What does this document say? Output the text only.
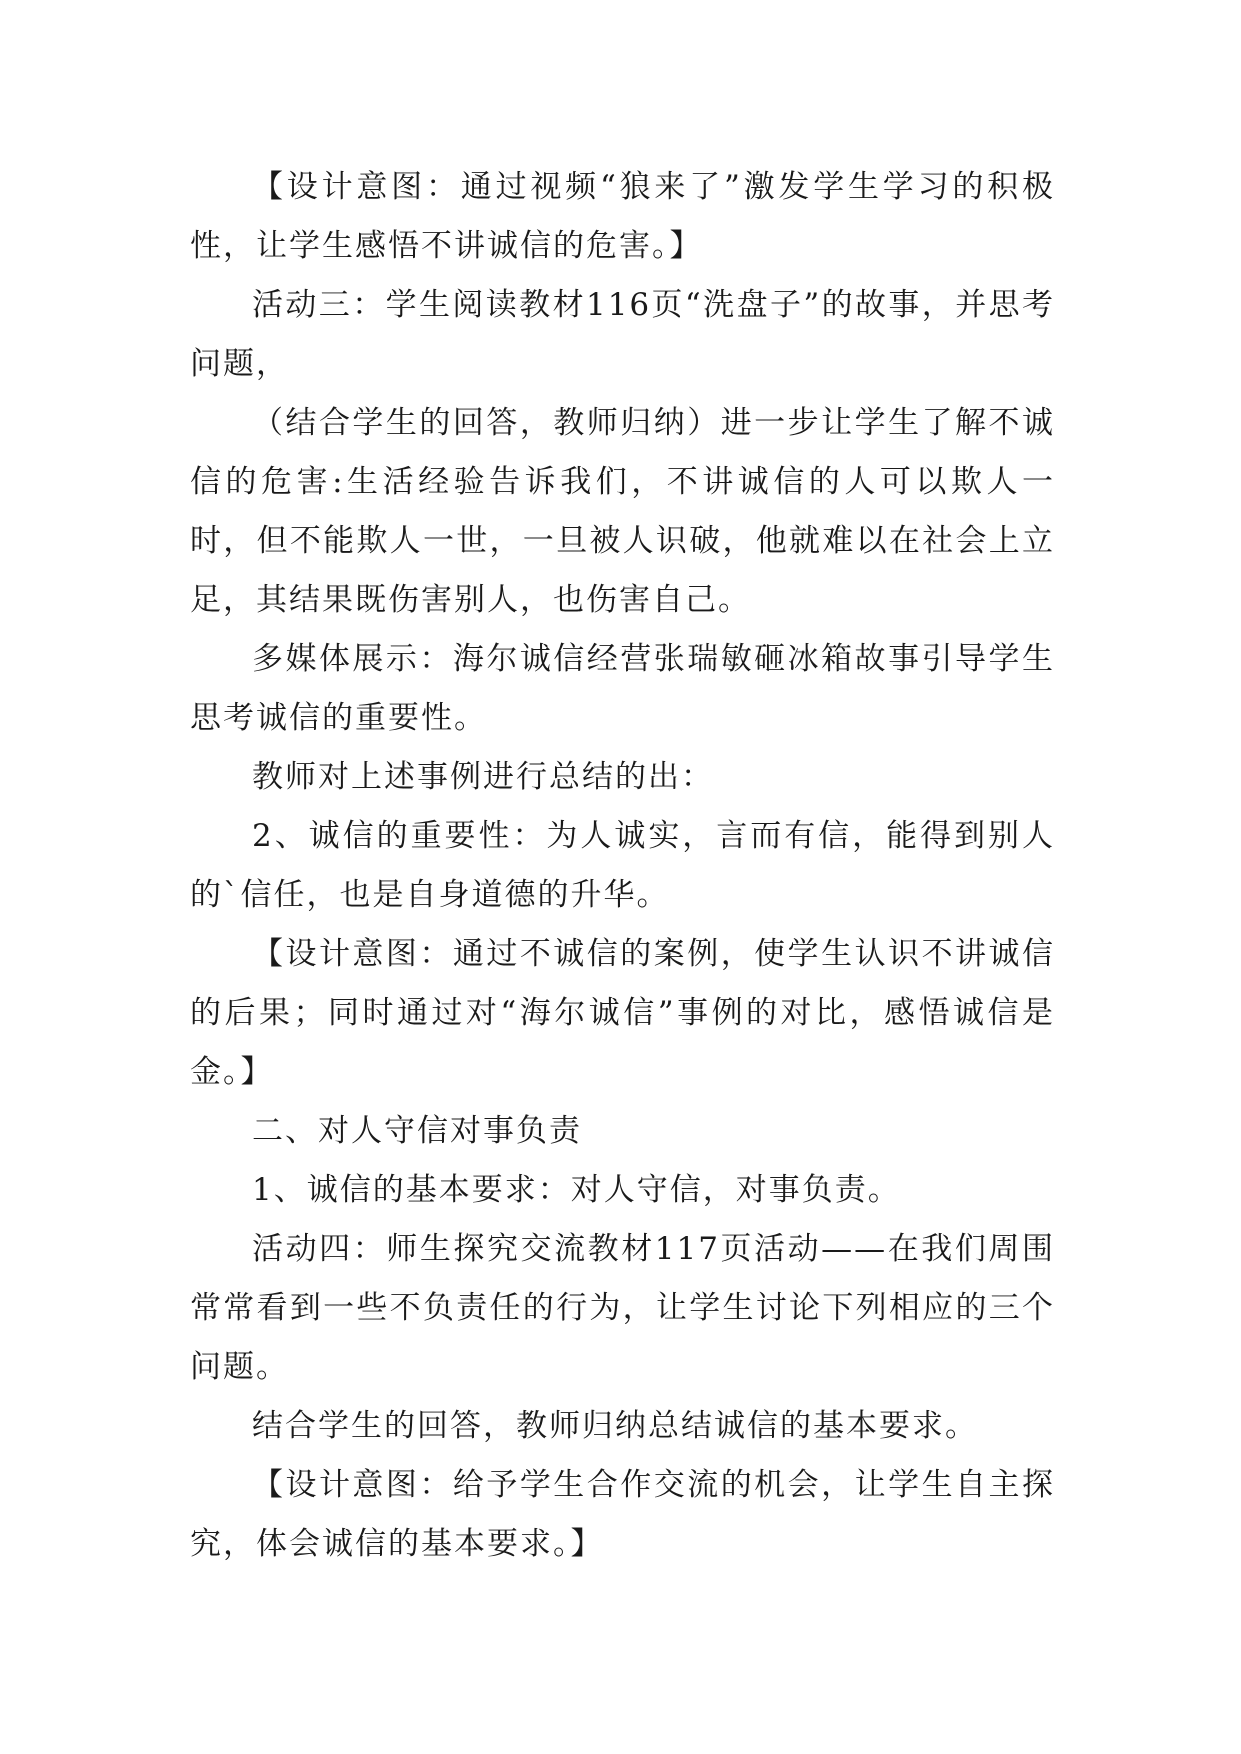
【设计意图：通过视频“狼来了”激发学生学习的积极性，让学生感悟不讲诚信的危害。】

活动三：学生阅读教材116页“洗盘子”的故事，并思考问题，

（结合学生的回答，教师归纳）进一步让学生了解不诚信的危害:生活经验告诉我们，不讲诚信的人可以欺人一时，但不能欺人一世，一旦被人识破，他就难以在社会上立足，其结果既伤害别人，也伤害自己。

多媒体展示：海尔诚信经营张瑞敏砸冰箱故事引导学生思考诚信的重要性。

教师对上述事例进行总结的出：

2、诚信的重要性：为人诚实，言而有信，能得到别人的`信任，也是自身道德的升华。

【设计意图：通过不诚信的案例，使学生认识不讲诚信的后果；同时通过对“海尔诚信”事例的对比，感悟诚信是金。】

二、对人守信对事负责

1、诚信的基本要求：对人守信，对事负责。

活动四：师生探究交流教材117页活动——在我们周围常常看到一些不负责任的行为，让学生讨论下列相应的三个问题。

结合学生的回答，教师归纳总结诚信的基本要求。

【设计意图：给予学生合作交流的机会，让学生自主探究，体会诚信的基本要求。】
